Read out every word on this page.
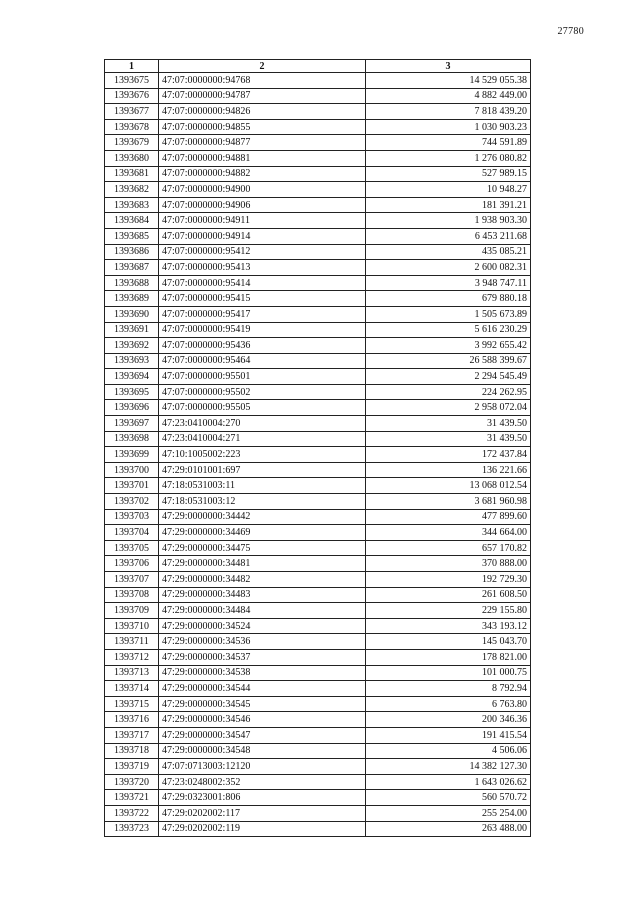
27780
1	2	3
1393675	47:07:0000000:94768	14 529 055.38
1393676	47:07:0000000:94787	4 882 449.00
1393677	47:07:0000000:94826	7 818 439.20
1393678	47:07:0000000:94855	1 030 903.23
1393679	47:07:0000000:94877	744 591.89
1393680	47:07:0000000:94881	1 276 080.82
1393681	47:07:0000000:94882	527 989.15
1393682	47:07:0000000:94900	10 948.27
1393683	47:07:0000000:94906	181 391.21
1393684	47:07:0000000:94911	1 938 903.30
1393685	47:07:0000000:94914	6 453 211.68
1393686	47:07:0000000:95412	435 085.21
1393687	47:07:0000000:95413	2 600 082.31
1393688	47:07:0000000:95414	3 948 747.11
1393689	47:07:0000000:95415	679 880.18
1393690	47:07:0000000:95417	1 505 673.89
1393691	47:07:0000000:95419	5 616 230.29
1393692	47:07:0000000:95436	3 992 655.42
1393693	47:07:0000000:95464	26 588 399.67
1393694	47:07:0000000:95501	2 294 545.49
1393695	47:07:0000000:95502	224 262.95
1393696	47:07:0000000:95505	2 958 072.04
1393697	47:23:0410004:270	31 439.50
1393698	47:23:0410004:271	31 439.50
1393699	47:10:1005002:223	172 437.84
1393700	47:29:0101001:697	136 221.66
1393701	47:18:0531003:11	13 068 012.54
1393702	47:18:0531003:12	3 681 960.98
1393703	47:29:0000000:34442	477 899.60
1393704	47:29:0000000:34469	344 664.00
1393705	47:29:0000000:34475	657 170.82
1393706	47:29:0000000:34481	370 888.00
1393707	47:29:0000000:34482	192 729.30
1393708	47:29:0000000:34483	261 608.50
1393709	47:29:0000000:34484	229 155.80
1393710	47:29:0000000:34524	343 193.12
1393711	47:29:0000000:34536	145 043.70
1393712	47:29:0000000:34537	178 821.00
1393713	47:29:0000000:34538	101 000.75
1393714	47:29:0000000:34544	8 792.94
1393715	47:29:0000000:34545	6 763.80
1393716	47:29:0000000:34546	200 346.36
1393717	47:29:0000000:34547	191 415.54
1393718	47:29:0000000:34548	4 506.06
1393719	47:07:0713003:12120	14 382 127.30
1393720	47:23:0248002:352	1 643 026.62
1393721	47:29:0323001:806	560 570.72
1393722	47:29:0202002:117	255 254.00
1393723	47:29:0202002:119	263 488.00
